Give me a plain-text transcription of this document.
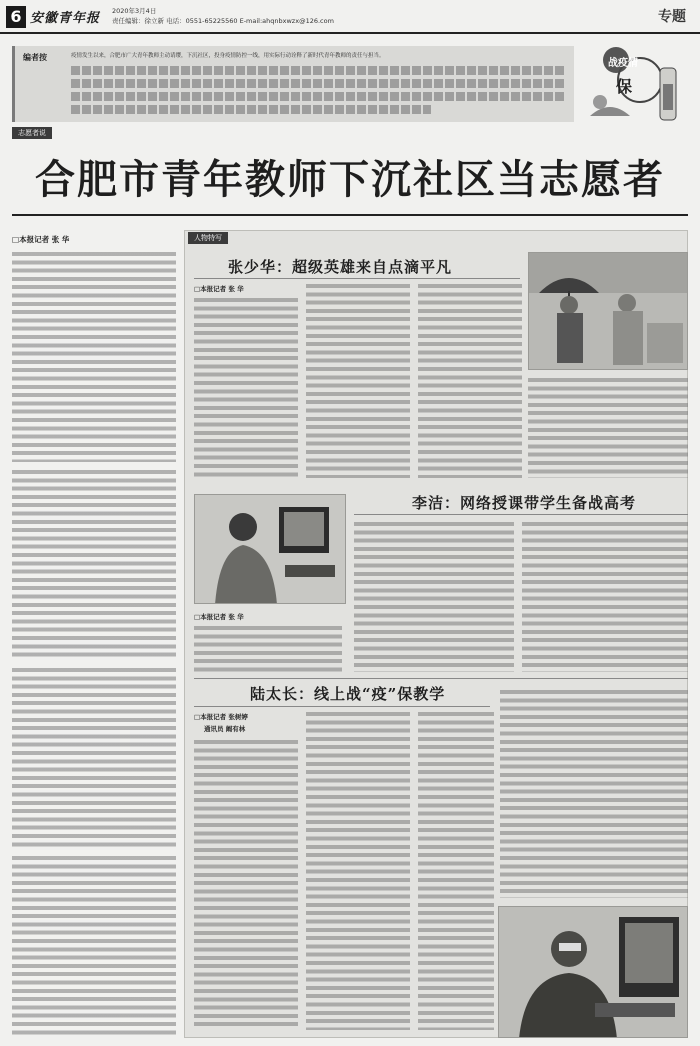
6 安徽青年报 2020年3月4日
责任编辑：徐立新 电话：0551-65225560 E-mail:ahqnbxwzx@126.com	专题
编者按	疫情发生以来，合肥市广大青年教师主动请缨，下沉社区，投身疫情防控一线，用实际行动诠释了新时代青年教师的责任与担当。
战疫情
保
志愿者说
合肥市青年教师下沉社区当志愿者
□本报记者 张 华	人物特写
张少华：超级英雄来自点滴平凡
□本报记者 张 华
李洁：网络授课带学生备战高考
□本报记者 张 华
陆太长：线上战“疫”保教学
□本报记者 张树婷
通讯员 阚有林
